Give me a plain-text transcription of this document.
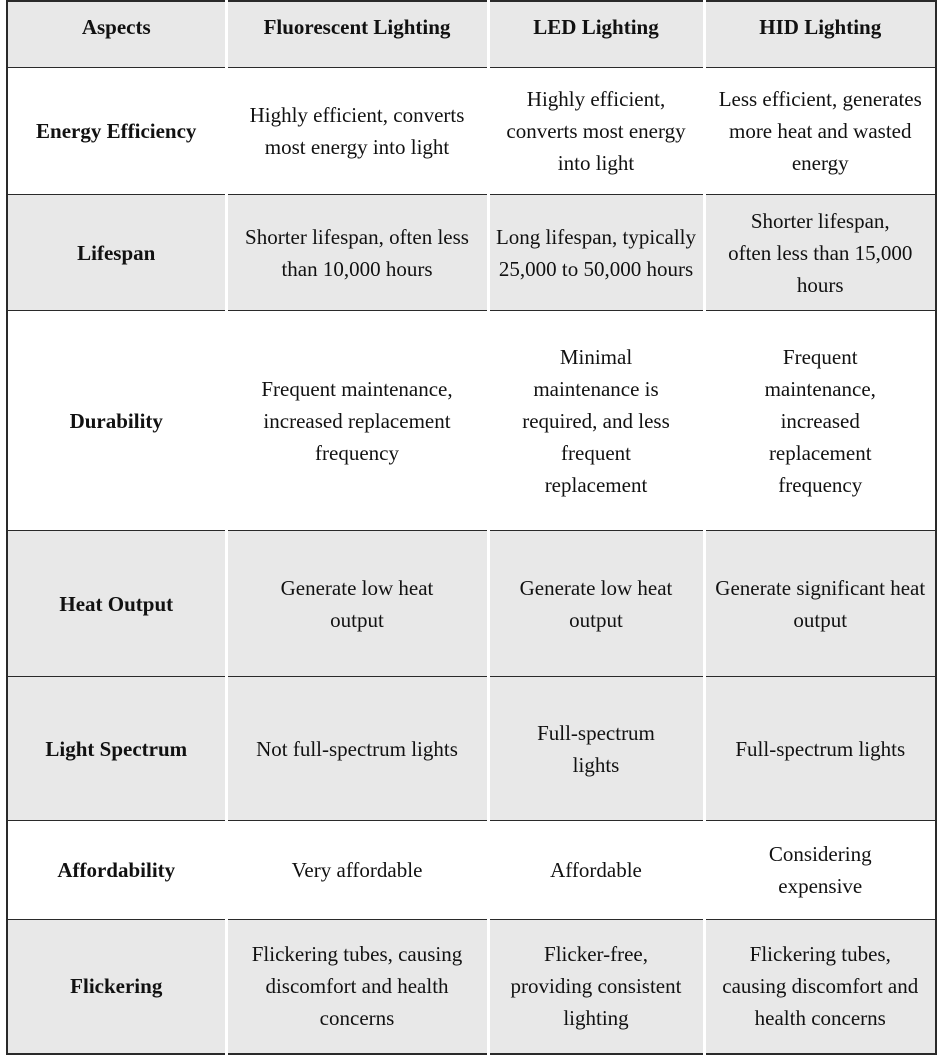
Aspects	Fluorescent Lighting	LED Lighting	HID Lighting
Energy Efficiency	Highly efficient, converts most energy into light	Highly efficient, converts most energy into light	Less efficient, generates more heat and wasted energy
Lifespan	Shorter lifespan, often less than 10,000 hours	Long lifespan, typically 25,000 to 50,000 hours	Shorter lifespan, often less than 15,000 hours
Durability	Frequent maintenance, increased replacement frequency	Minimal maintenance is required, and less frequent replacement	Frequent maintenance, increased replacement frequency
Heat Output	Generate low heat output	Generate low heat output	Generate significant heat output
Light Spectrum	Not full-spectrum lights	Full-spectrum lights	Full-spectrum lights
Affordability	Very affordable	Affordable	Considering expensive
Flickering	Flickering tubes, causing discomfort and health concerns	Flicker-free, providing consistent lighting	Flickering tubes, causing discomfort and health concerns
